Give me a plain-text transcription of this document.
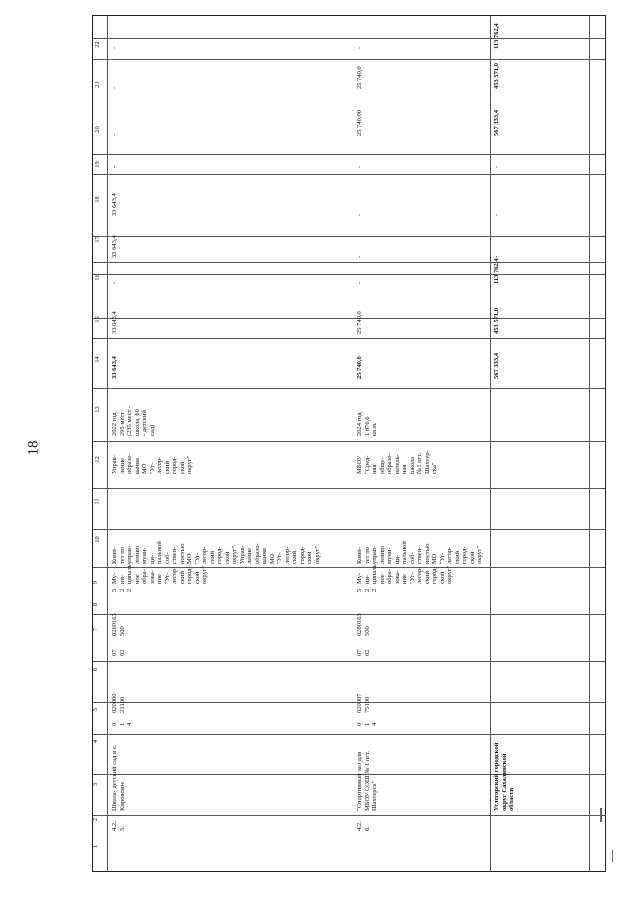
18
1
2
3
4
5
6
7
8
9
10
11
12
13
14
15
16
17
18
19
20
21
22
4.2.
5.
Школа- детский сад в с.
Кировское
0
1
4
020000
23100
07
02
0260163
500
5
2
2
Му-
ни-
ципаль-
ное
обра-
зова-
ние
"Уг-
легор-
ский
город-
ской
округ"
Коми-
тет по
управ-
лению
муни-
ци-
пальной
соб-
ствен-
ностью
МО
"Уг-
легор-
ский
город-
ской
округ"
Управ-
ление
образо-
вания
МО
"Уг-
легор-
ский
город-
ской
округ"
Управ-
ление
образо-
вания
МО
"Уг-
легор-
ский
город-
ской
округ"
2022 год
295 мест
(235 мест -
школа, 60
- детский
сад)
33 643,4
33 643,4
-
33 643,4
33 643,4
-
-
-
-
4.2.
6.
"Спортивный зал для
МБОУ СОШ № 1 пгт.
Шахтерск"
0
1
4
020007
75100
07
02
0280163
500
5
2
2
Му-
ни-
ципаль-
ное
обра-
зова-
ние
"Уг-
легор-
ский
город-
ской
округ"
Коми-
тет по
управ-
лению
муни-
ци-
пальной
соб-
ствен-
ностью
МО
"Уг-
легор-
ский
город-
ской
округ"
МБОУ
"Сред-
няя
обще-
образо-
ватель-
ная
школа
№1 пгт.
Шахтер-
ска"
2024 год
1 876,6
кв.м.
25 740,0
25 740,0
-
-
-
-
25 740,00
25 740,0
-
Углегорский городской
округ Сахалинской
области
567 333,4
453 571,0
113 762,4
-
-
-
567 333,4
453 571,0
113 762,4
